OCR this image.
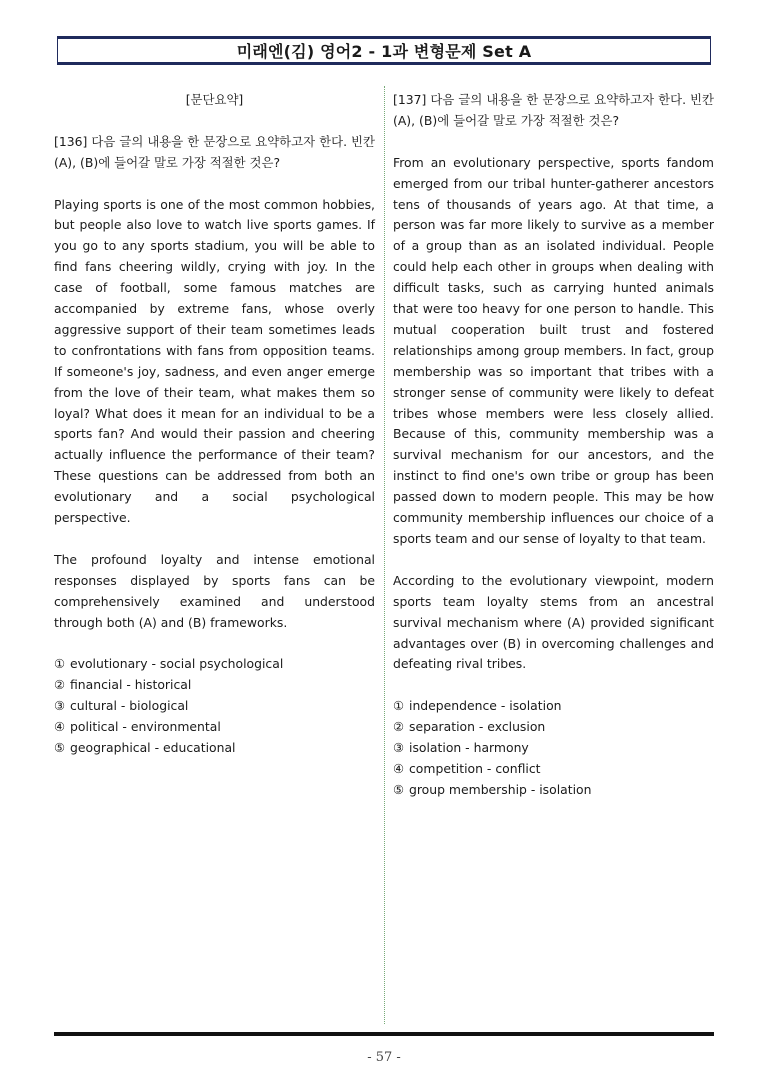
미래엔(김) 영어2 - 1과 변형문제 Set A

[문단요약]

[136] 다음 글의 내용을 한 문장으로 요약하고자 한다. 빈칸 (A), (B)에 들어갈 말로 가장 적절한 것은?

Playing sports is one of the most common hobbies, but people also love to watch live sports games. If you go to any sports stadium, you will be able to find fans cheering wildly, crying with joy. In the case of football, some famous matches are accompanied by extreme fans, whose overly aggressive support of their team sometimes leads to confrontations with fans from opposition teams. If someone's joy, sadness, and even anger emerge from the love of their team, what makes them so loyal? What does it mean for an individual to be a sports fan? And would their passion and cheering actually influence the performance of their team? These questions can be addressed from both an evolutionary and a social psychological perspective.

The profound loyalty and intense emotional responses displayed by sports fans can be comprehensively examined and understood through both (A) and (B) frameworks.

① evolutionary - social psychological
② financial - historical
③ cultural - biological
④ political - environmental
⑤ geographical - educational

[137] 다음 글의 내용을 한 문장으로 요약하고자 한다. 빈칸 (A), (B)에 들어갈 말로 가장 적절한 것은?

From an evolutionary perspective, sports fandom emerged from our tribal hunter-gatherer ancestors tens of thousands of years ago. At that time, a person was far more likely to survive as a member of a group than as an isolated individual. People could help each other in groups when dealing with difficult tasks, such as carrying hunted animals that were too heavy for one person to handle. This mutual cooperation built trust and fostered relationships among group members. In fact, group membership was so important that tribes with a stronger sense of community were likely to defeat tribes whose members were less closely allied. Because of this, community membership was a survival mechanism for our ancestors, and the instinct to find one's own tribe or group has been passed down to modern people. This may be how community membership influences our choice of a sports team and our sense of loyalty to that team.

According to the evolutionary viewpoint, modern sports team loyalty stems from an ancestral survival mechanism where (A) provided significant advantages over (B) in overcoming challenges and defeating rival tribes.

① independence - isolation
② separation - exclusion
③ isolation - harmony
④ competition - conflict
⑤ group membership - isolation
- 57 -
